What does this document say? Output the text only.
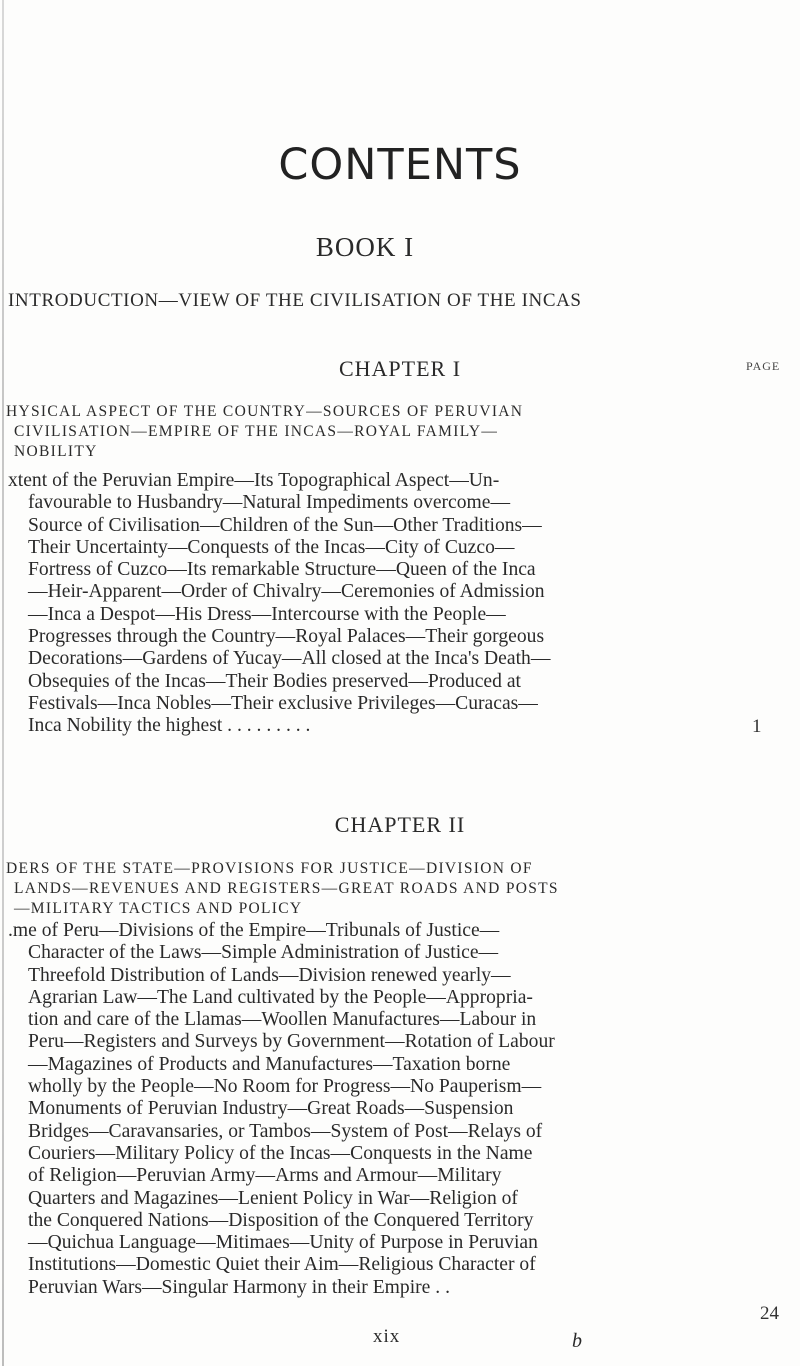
CONTENTS
BOOK I
INTRODUCTION—VIEW OF THE CIVILISATION OF THE INCAS
CHAPTER I
HYSICAL ASPECT OF THE COUNTRY—SOURCES OF PERUVIAN
CIVILISATION—EMPIRE OF THE INCAS—ROYAL FAMILY—
NOBILITY
PAGE
xtent of the Peruvian Empire—Its Topographical Aspect—Un-
favourable to Husbandry—Natural Impediments overcome—
Source of Civilisation—Children of the Sun—Other Traditions—
Their Uncertainty—Conquests of the Incas—City of Cuzco—
Fortress of Cuzco—Its remarkable Structure—Queen of the Inca
—Heir-Apparent—Order of Chivalry—Ceremonies of Admission
—Inca a Despot—His Dress—Intercourse with the People—
Progresses through the Country—Royal Palaces—Their gorgeous
Decorations—Gardens of Yucay—All closed at the Inca's Death—
Obsequies of the Incas—Their Bodies preserved—Produced at
Festivals—Inca Nobles—Their exclusive Privileges—Curacas—
Inca Nobility the highest . . . . . . . . .	1
CHAPTER II
DERS OF THE STATE—PROVISIONS FOR JUSTICE—DIVISION OF
LANDS—REVENUES AND REGISTERS—GREAT ROADS AND POSTS
—MILITARY TACTICS AND POLICY
.me of Peru—Divisions of the Empire—Tribunals of Justice—
Character of the Laws—Simple Administration of Justice—
Threefold Distribution of Lands—Division renewed yearly—
Agrarian Law—The Land cultivated by the People—Appropria-
tion and care of the Llamas—Woollen Manufactures—Labour in
Peru—Registers and Surveys by Government—Rotation of Labour
—Magazines of Products and Manufactures—Taxation borne
wholly by the People—No Room for Progress—No Pauperism—
Monuments of Peruvian Industry—Great Roads—Suspension
Bridges—Caravansaries, or Tambos—System of Post—Relays of
Couriers—Military Policy of the Incas—Conquests in the Name
of Religion—Peruvian Army—Arms and Armour—Military
Quarters and Magazines—Lenient Policy in War—Religion of
the Conquered Nations—Disposition of the Conquered Territory
—Quichua Language—Mitimaes—Unity of Purpose in Peruvian
Institutions—Domestic Quiet their Aim—Religious Character of
Peruvian Wars—Singular Harmony in their Empire . .
24
xix	b
